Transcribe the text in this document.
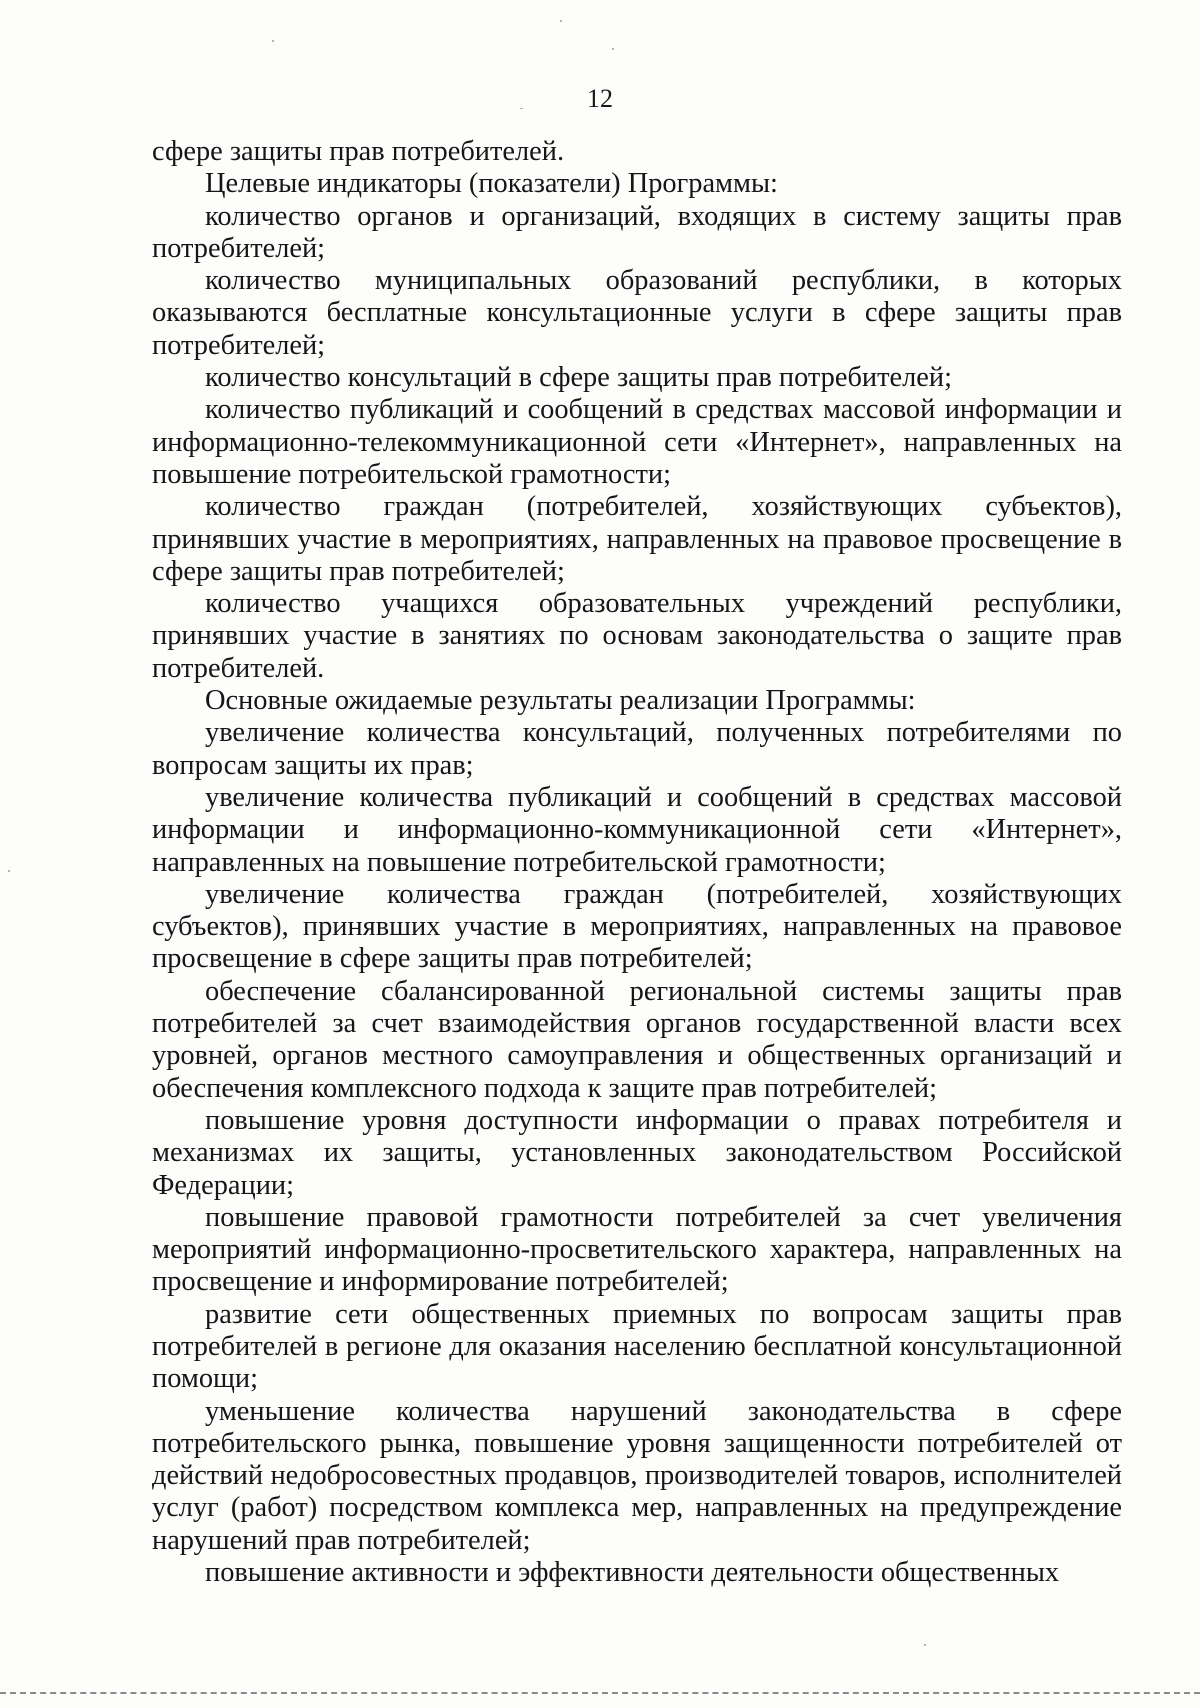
12

сфере защиты прав потребителей.

Целевые индикаторы (показатели) Программы:

количество органов и организаций, входящих в систему защиты прав потребителей;

количество муниципальных образований республики, в которых оказываются бесплатные консультационные услуги в сфере защиты прав потребителей;

количество консультаций в сфере защиты прав потребителей;

количество публикаций и сообщений в средствах массовой информации и информационно-телекоммуникационной сети «Интернет», направленных на повышение потребительской грамотности;

количество граждан (потребителей, хозяйствующих субъектов), принявших участие в мероприятиях, направленных на правовое просвещение в сфере защиты прав потребителей;

количество учащихся образовательных учреждений республики, принявших участие в занятиях по основам законодательства о защите прав потребителей.

Основные ожидаемые результаты реализации Программы:

увеличение количества консультаций, полученных потребителями по вопросам защиты их прав;

увеличение количества публикаций и сообщений в средствах массовой информации и информационно-коммуникационной сети «Интернет», направленных на повышение потребительской грамотности;

увеличение количества граждан (потребителей, хозяйствующих субъектов), принявших участие в мероприятиях, направленных на правовое просвещение в сфере защиты прав потребителей;

обеспечение сбалансированной региональной системы защиты прав потребителей за счет взаимодействия органов государственной власти всех уровней, органов местного самоуправления и общественных организаций и обеспечения комплексного подхода к защите прав потребителей;

повышение уровня доступности информации о правах потребителя и механизмах их защиты, установленных законодательством Российской Федерации;

повышение правовой грамотности потребителей за счет увеличения мероприятий информационно-просветительского характера, направленных на просвещение и информирование потребителей;

развитие сети общественных приемных по вопросам защиты прав потребителей в регионе для оказания населению бесплатной консультационной помощи;

уменьшение количества нарушений законодательства в сфере потребительского рынка, повышение уровня защищенности потребителей от действий недобросовестных продавцов, производителей товаров, исполнителей услуг (работ) посредством комплекса мер, направленных на предупреждение нарушений прав потребителей;

повышение активности и эффективности деятельности общественных
